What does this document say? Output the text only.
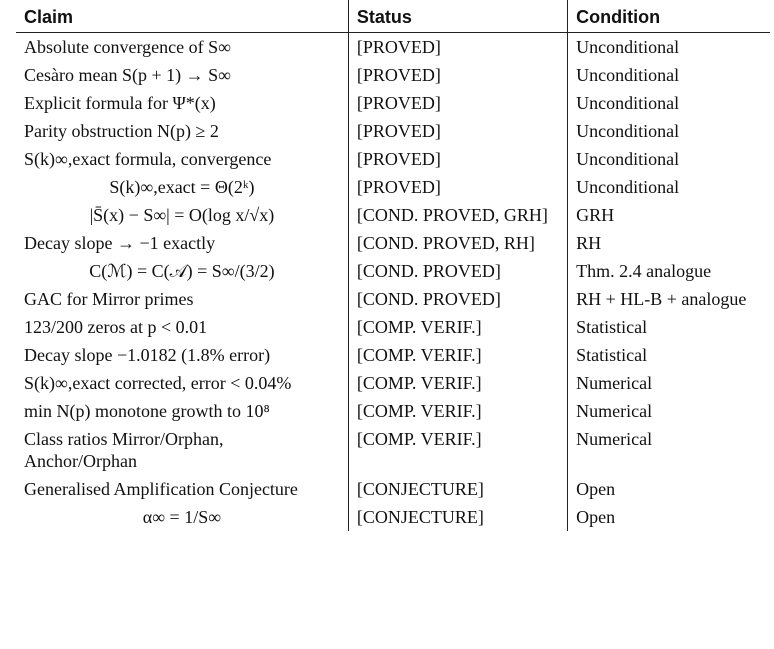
Claim	Status	Condition
Absolute convergence of S∞	[PROVED]	Unconditional
Cesàro mean S(p + 1) → S∞	[PROVED]	Unconditional
Explicit formula for Ψ*(x)	[PROVED]	Unconditional
Parity obstruction N(p) ≥ 2	[PROVED]	Unconditional
S(k)∞,exact formula, convergence	[PROVED]	Unconditional
S(k)∞,exact = Θ(2ᵏ)	[PROVED]	Unconditional
|S̄(x) − S∞| = O(log x/√x)	[COND. PROVED, GRH]	GRH
Decay slope → −1 exactly	[COND. PROVED, RH]	RH
C(ℳ) = C(𝒜) = S∞/(3/2)	[COND. PROVED]	Thm. 2.4 analogue
GAC for Mirror primes	[COND. PROVED]	RH + HL-B + analogue
123/200 zeros at p < 0.01	[COMP. VERIF.]	Statistical
Decay slope −1.0182 (1.8% error)	[COMP. VERIF.]	Statistical
S(k)∞,exact corrected, error < 0.04%	[COMP. VERIF.]	Numerical
min N(p) monotone growth to 10⁸	[COMP. VERIF.]	Numerical
Class ratios Mirror/Orphan, Anchor/Orphan	[COMP. VERIF.]	Numerical
Generalised Amplification Conjecture	[CONJECTURE]	Open
α∞ = 1/S∞	[CONJECTURE]	Open
